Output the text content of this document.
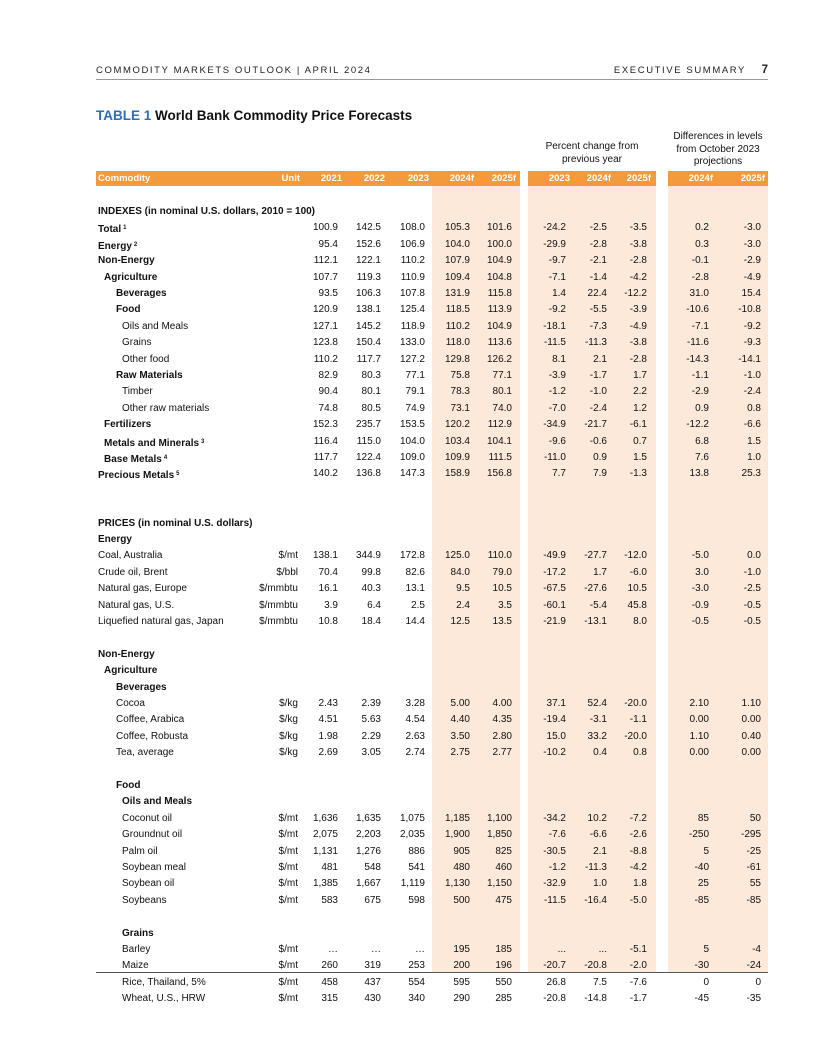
COMMODITY MARKETS OUTLOOK | APRIL 2024	EXECUTIVE SUMMARY 7
TABLE 1 World Bank Commodity Price Forecasts
Percent change from previous year
Differences in levels from October 2023 projections
Commodity	Unit	2021	2022	2023	2024f	2025f	2023	2024f	2025f	2024f	2025f
INDEXES (in nominal U.S. dollars, 2010 = 100)
Total $^1$	100.9	142.5	108.0	105.3	101.6	-24.2	-2.5	-3.5	0.2	-3.0
Energy $^2$	95.4	152.6	106.9	104.0	100.0	-29.9	-2.8	-3.8	0.3	-3.0
Non-Energy	112.1	122.1	110.2	107.9	104.9	-9.7	-2.1	-2.8	-0.1	-2.9
Agriculture	107.7	119.3	110.9	109.4	104.8	-7.1	-1.4	-4.2	-2.8	-4.9
Beverages	93.5	106.3	107.8	131.9	115.8	1.4	22.4	-12.2	31.0	15.4
Food	120.9	138.1	125.4	118.5	113.9	-9.2	-5.5	-3.9	-10.6	-10.8
Oils and Meals	127.1	145.2	118.9	110.2	104.9	-18.1	-7.3	-4.9	-7.1	-9.2
Grains	123.8	150.4	133.0	118.0	113.6	-11.5	-11.3	-3.8	-11.6	-9.3
Other food	110.2	117.7	127.2	129.8	126.2	8.1	2.1	-2.8	-14.3	-14.1
Raw Materials	82.9	80.3	77.1	75.8	77.1	-3.9	-1.7	1.7	-1.1	-1.0
Timber	90.4	80.1	79.1	78.3	80.1	-1.2	-1.0	2.2	-2.9	-2.4
Other raw materials	74.8	80.5	74.9	73.1	74.0	-7.0	-2.4	1.2	0.9	0.8
Fertilizers	152.3	235.7	153.5	120.2	112.9	-34.9	-21.7	-6.1	-12.2	-6.6
Metals and Minerals $^3$	116.4	115.0	104.0	103.4	104.1	-9.6	-0.6	0.7	6.8	1.5
Base Metals $^4$	117.7	122.4	109.0	109.9	111.5	-11.0	0.9	1.5	7.6	1.0
Precious Metals $^5$	140.2	136.8	147.3	158.9	156.8	7.7	7.9	-1.3	13.8	25.3
PRICES (in nominal U.S. dollars)
Energy
Coal, Australia	$/mt	138.1	344.9	172.8	125.0	110.0	-49.9	-27.7	-12.0	-5.0	0.0
Crude oil, Brent	$/bbl	70.4	99.8	82.6	84.0	79.0	-17.2	1.7	-6.0	3.0	-1.0
Natural gas, Europe	$/mmbtu	16.1	40.3	13.1	9.5	10.5	-67.5	-27.6	10.5	-3.0	-2.5
Natural gas, U.S.	$/mmbtu	3.9	6.4	2.5	2.4	3.5	-60.1	-5.4	45.8	-0.9	-0.5
Liquefied natural gas, Japan	$/mmbtu	10.8	18.4	14.4	12.5	13.5	-21.9	-13.1	8.0	-0.5	-0.5
Non-Energy
Agriculture
Beverages
Cocoa	$/kg	2.43	2.39	3.28	5.00	4.00	37.1	52.4	-20.0	2.10	1.10
Coffee, Arabica	$/kg	4.51	5.63	4.54	4.40	4.35	-19.4	-3.1	-1.1	0.00	0.00
Coffee, Robusta	$/kg	1.98	2.29	2.63	3.50	2.80	15.0	33.2	-20.0	1.10	0.40
Tea, average	$/kg	2.69	3.05	2.74	2.75	2.77	-10.2	0.4	0.8	0.00	0.00
Food
Oils and Meals
Coconut oil	$/mt	1,636	1,635	1,075	1,185	1,100	-34.2	10.2	-7.2	85	50
Groundnut oil	$/mt	2,075	2,203	2,035	1,900	1,850	-7.6	-6.6	-2.6	-250	-295
Palm oil	$/mt	1,131	1,276	886	905	825	-30.5	2.1	-8.8	5	-25
Soybean meal	$/mt	481	548	541	480	460	-1.2	-11.3	-4.2	-40	-61
Soybean oil	$/mt	1,385	1,667	1,119	1,130	1,150	-32.9	1.0	1.8	25	55
Soybeans	$/mt	583	675	598	500	475	-11.5	-16.4	-5.0	-85	-85
Grains
Barley	$/mt	…	…	…	195	185	...	...	-5.1	5	-4
Maize	$/mt	260	319	253	200	196	-20.7	-20.8	-2.0	-30	-24
Rice, Thailand, 5%	$/mt	458	437	554	595	550	26.8	7.5	-7.6	0	0
Wheat, U.S., HRW	$/mt	315	430	340	290	285	-20.8	-14.8	-1.7	-45	-35
